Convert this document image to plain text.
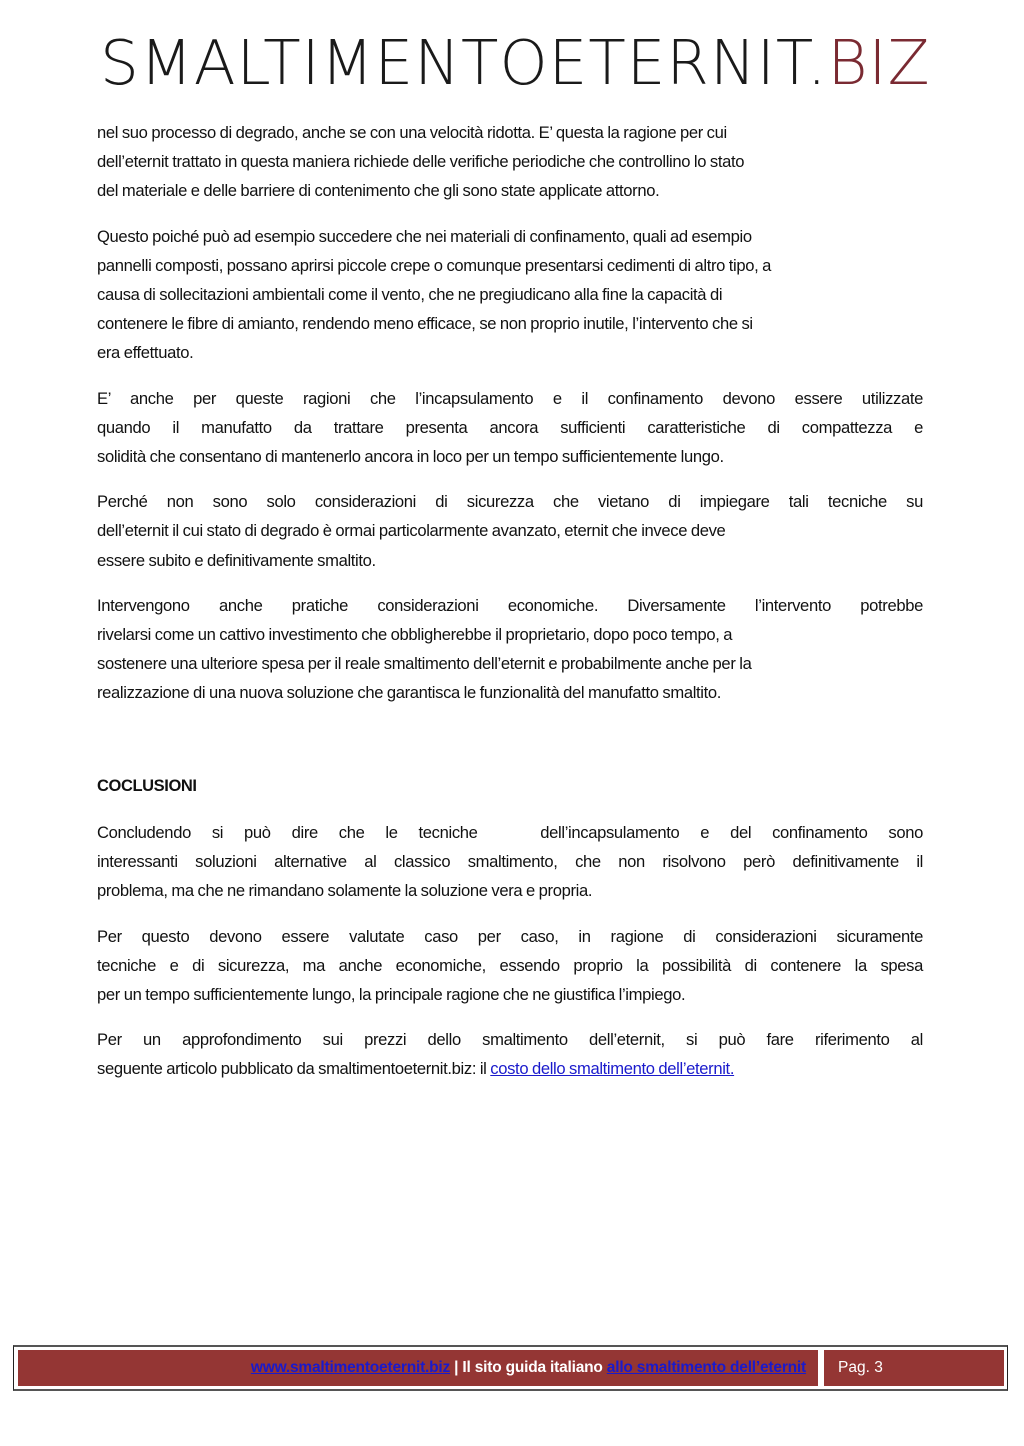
SMALTIMENTOETERNIT.BIZ

nel suo processo di degrado, anche se con una velocità ridotta. E’ questa la ragione per cui
dell’eternit trattato in questa maniera richiede delle verifiche periodiche che controllino lo stato
del materiale e delle barriere di contenimento che gli sono state applicate attorno.

Questo poiché può ad esempio succedere che nei materiali di confinamento, quali ad esempio
pannelli composti, possano aprirsi piccole crepe o comunque presentarsi cedimenti di altro tipo, a
causa di sollecitazioni ambientali come il vento, che ne pregiudicano alla fine la capacità di
contenere le fibre di amianto, rendendo meno efficace, se non proprio inutile, l’intervento che si
era effettuato.

E’ anche per queste ragioni che l’incapsulamento e il confinamento devono essere utilizzate
quando il manufatto da trattare presenta ancora sufficienti caratteristiche di compattezza e
solidità che consentano di mantenerlo ancora in loco per un tempo sufficientemente lungo.

Perché non sono solo considerazioni di sicurezza che vietano di impiegare tali tecniche su
dell’eternit il cui stato di degrado è ormai particolarmente avanzato, eternit che invece deve
essere subito e definitivamente smaltito.

Intervengono anche pratiche considerazioni economiche. Diversamente l’intervento potrebbe
rivelarsi come un cattivo investimento che obbligherebbe il proprietario, dopo poco tempo, a
sostenere una ulteriore spesa per il reale smaltimento dell’eternit e probabilmente anche per la
realizzazione di una nuova soluzione che garantisca le funzionalità del manufatto smaltito.

COCLUSIONI

Concludendo si può dire che le tecniche   dell’incapsulamento e del confinamento sono
interessanti soluzioni alternative al classico smaltimento, che non risolvono però definitivamente il
problema, ma che ne rimandano solamente la soluzione vera e propria.

Per questo devono essere valutate caso per caso, in ragione di considerazioni sicuramente
tecniche e di sicurezza, ma anche economiche, essendo proprio la possibilità di contenere la spesa
per un tempo sufficientemente lungo, la principale ragione che ne giustifica l’impiego.

Per un approfondimento sui prezzi dello smaltimento dell’eternit, si può fare riferimento al
seguente articolo pubblicato da smaltimentoeternit.biz: il costo dello smaltimento dell’eternit.

www.smaltimentoeternit.biz | Il sito guida italiano allo smaltimento dell’eternit	Pag. 3
